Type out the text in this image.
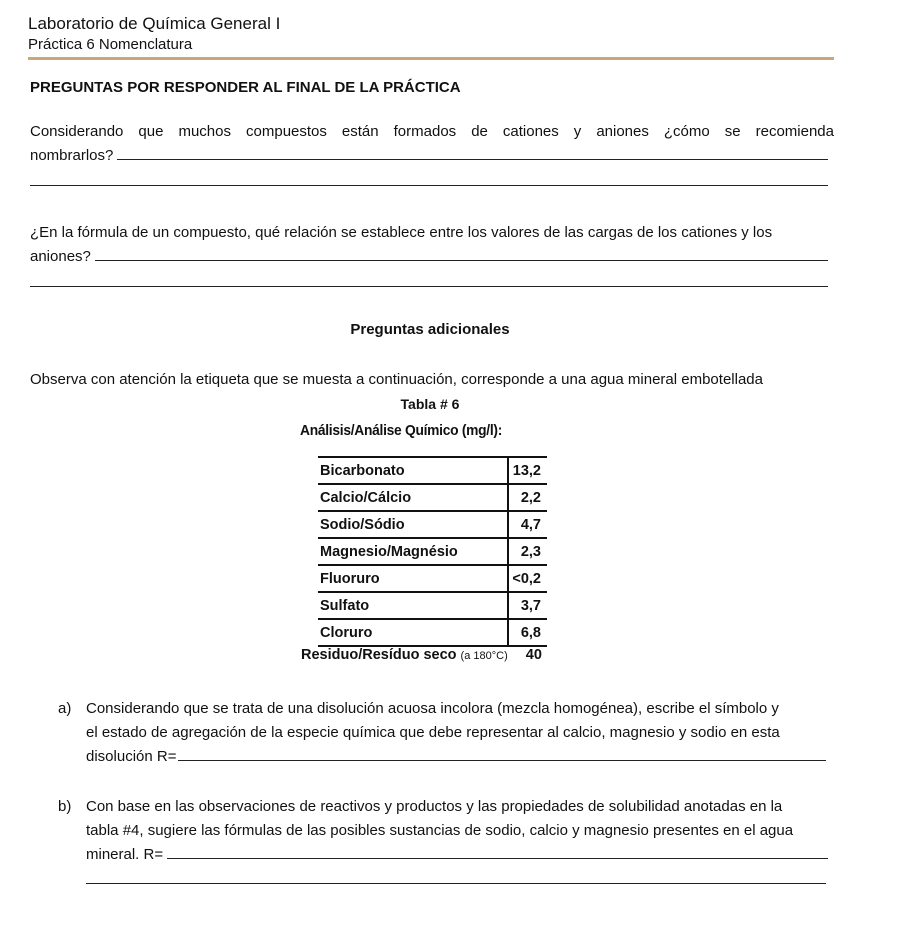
Laboratorio de Química General I
Práctica 6 Nomenclatura
PREGUNTAS POR RESPONDER AL FINAL DE LA PRÁCTICA
Considerando que muchos compuestos están formados de cationes y aniones ¿cómo se recomienda
nombrarlos?
¿En la fórmula de un compuesto, qué relación se establece entre los valores de las cargas de los cationes y los
aniones?
Preguntas adicionales
Observa con atención la etiqueta que se muesta a continuación, corresponde a una agua mineral embotellada
Tabla # 6
Análisis/Análise Químico (mg/l):
Bicarbonato	13,2
Calcio/Cálcio	2,2
Sodio/Sódio	4,7
Magnesio/Magnésio	2,3
Fluoruro	<0,2
Sulfato	3,7
Cloruro	6,8
Residuo/Resíduo seco (a 180°C) 40
a) Considerando que se trata de una disolución acuosa incolora (mezcla homogénea), escribe el símbolo y
el estado de agregación de la especie química que debe representar al calcio, magnesio y sodio en esta
disolución R=
b) Con base en las observaciones de reactivos y productos y las propiedades de solubilidad anotadas en la
tabla #4, sugiere las fórmulas de las posibles sustancias de sodio, calcio y magnesio presentes en el agua
mineral. R=
